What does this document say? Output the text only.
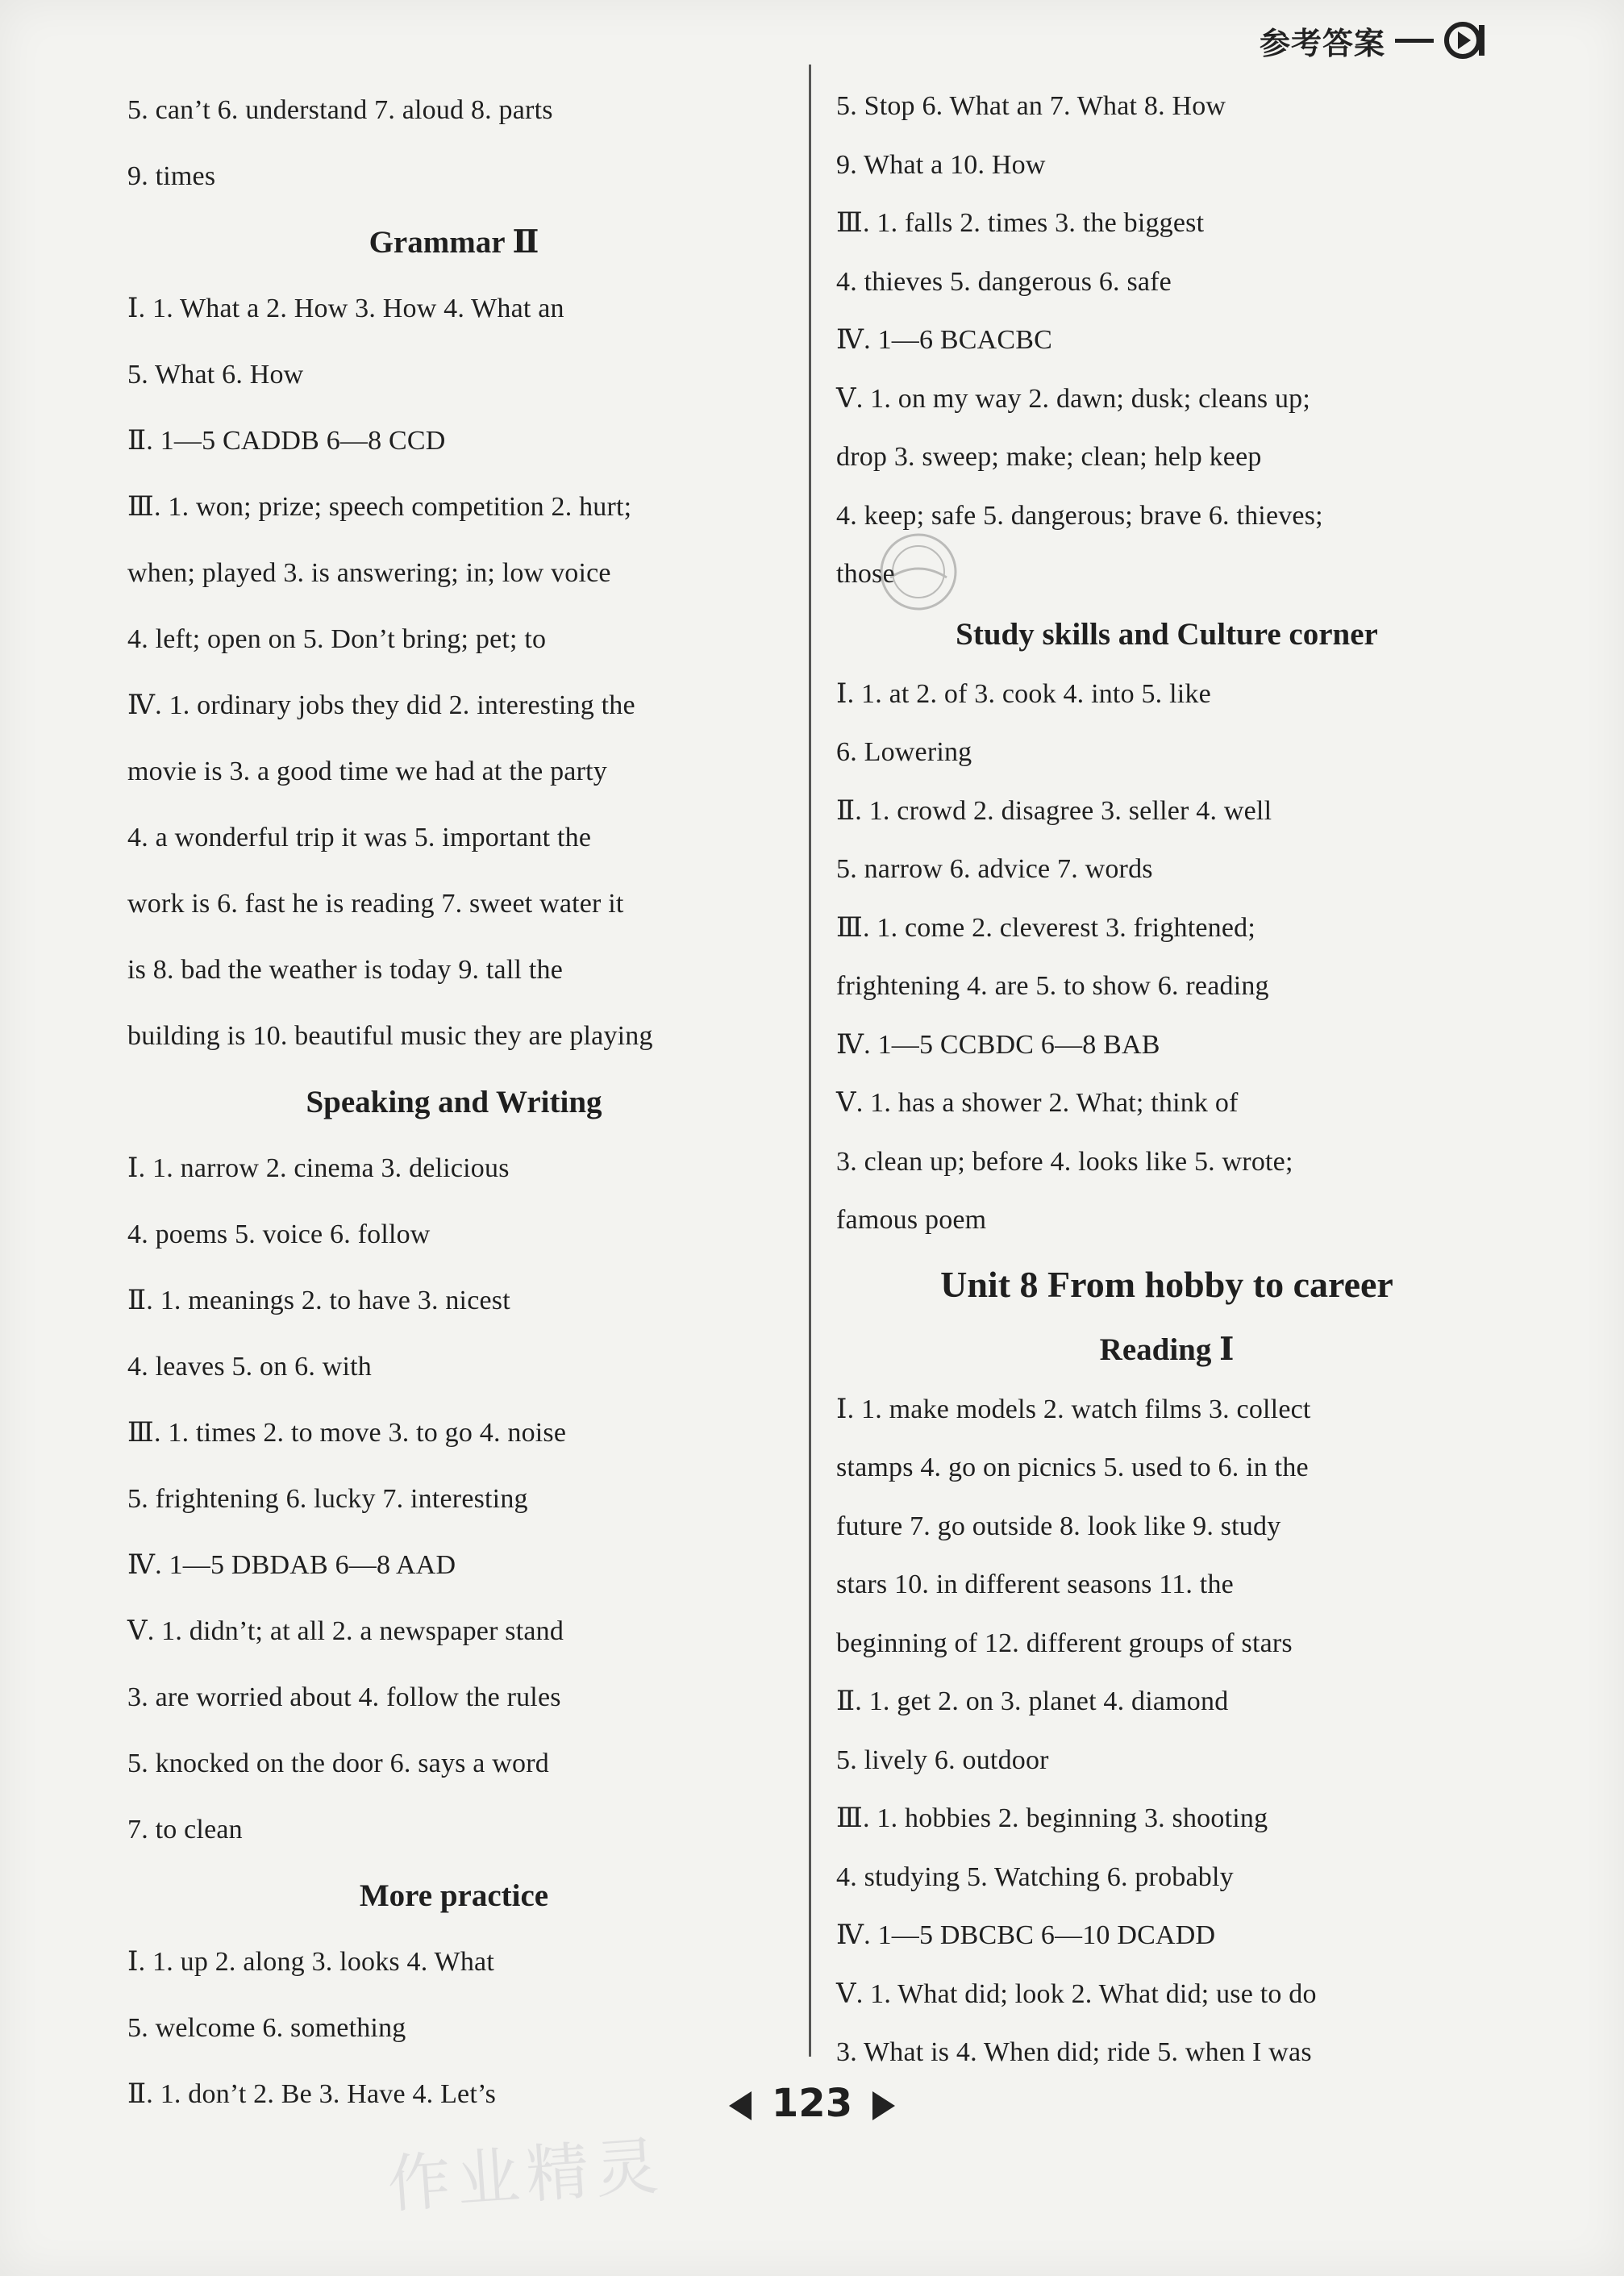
参考答案
5. can’t 6. understand 7. aloud 8. parts
9. times
Grammar Ⅱ
Ⅰ. 1. What a 2. How 3. How 4. What an
5. What 6. How
Ⅱ. 1—5 CADDB 6—8 CCD
Ⅲ. 1. won; prize; speech competition 2. hurt;
when; played 3. is answering; in; low voice
4. left; open on 5. Don’t bring; pet; to
Ⅳ. 1. ordinary jobs they did 2. interesting the
movie is 3. a good time we had at the party
4. a wonderful trip it was 5. important the
work is 6. fast he is reading 7. sweet water it
is 8. bad the weather is today 9. tall the
building is 10. beautiful music they are playing
Speaking and Writing
Ⅰ. 1. narrow 2. cinema 3. delicious
4. poems 5. voice 6. follow
Ⅱ. 1. meanings 2. to have 3. nicest
4. leaves 5. on 6. with
Ⅲ. 1. times 2. to move 3. to go 4. noise
5. frightening 6. lucky 7. interesting
Ⅳ. 1—5 DBDAB 6—8 AAD
Ⅴ. 1. didn’t; at all 2. a newspaper stand
3. are worried about 4. follow the rules
5. knocked on the door 6. says a word
7. to clean
More practice
Ⅰ. 1. up 2. along 3. looks 4. What
5. welcome 6. something
Ⅱ. 1. don’t 2. Be 3. Have 4. Let’s
5. Stop 6. What an 7. What 8. How
9. What a 10. How
Ⅲ. 1. falls 2. times 3. the biggest
4. thieves 5. dangerous 6. safe
Ⅳ. 1—6 BCACBC
Ⅴ. 1. on my way 2. dawn; dusk; cleans up;
drop 3. sweep; make; clean; help keep
4. keep; safe 5. dangerous; brave 6. thieves;
those
Study skills and Culture corner
Ⅰ. 1. at 2. of 3. cook 4. into 5. like
6. Lowering
Ⅱ. 1. crowd 2. disagree 3. seller 4. well
5. narrow 6. advice 7. words
Ⅲ. 1. come 2. cleverest 3. frightened;
frightening 4. are 5. to show 6. reading
Ⅳ. 1—5 CCBDC 6—8 BAB
Ⅴ. 1. has a shower 2. What; think of
3. clean up; before 4. looks like 5. wrote;
famous poem
Unit 8 From hobby to career
Reading Ⅰ
Ⅰ. 1. make models 2. watch films 3. collect
stamps 4. go on picnics 5. used to 6. in the
future 7. go outside 8. look like 9. study
stars 10. in different seasons 11. the
beginning of 12. different groups of stars
Ⅱ. 1. get 2. on 3. planet 4. diamond
5. lively 6. outdoor
Ⅲ. 1. hobbies 2. beginning 3. shooting
4. studying 5. Watching 6. probably
Ⅳ. 1—5 DBCBC 6—10 DCADD
Ⅴ. 1. What did; look 2. What did; use to do
3. What is 4. When did; ride 5. when I was
123
作业精灵
